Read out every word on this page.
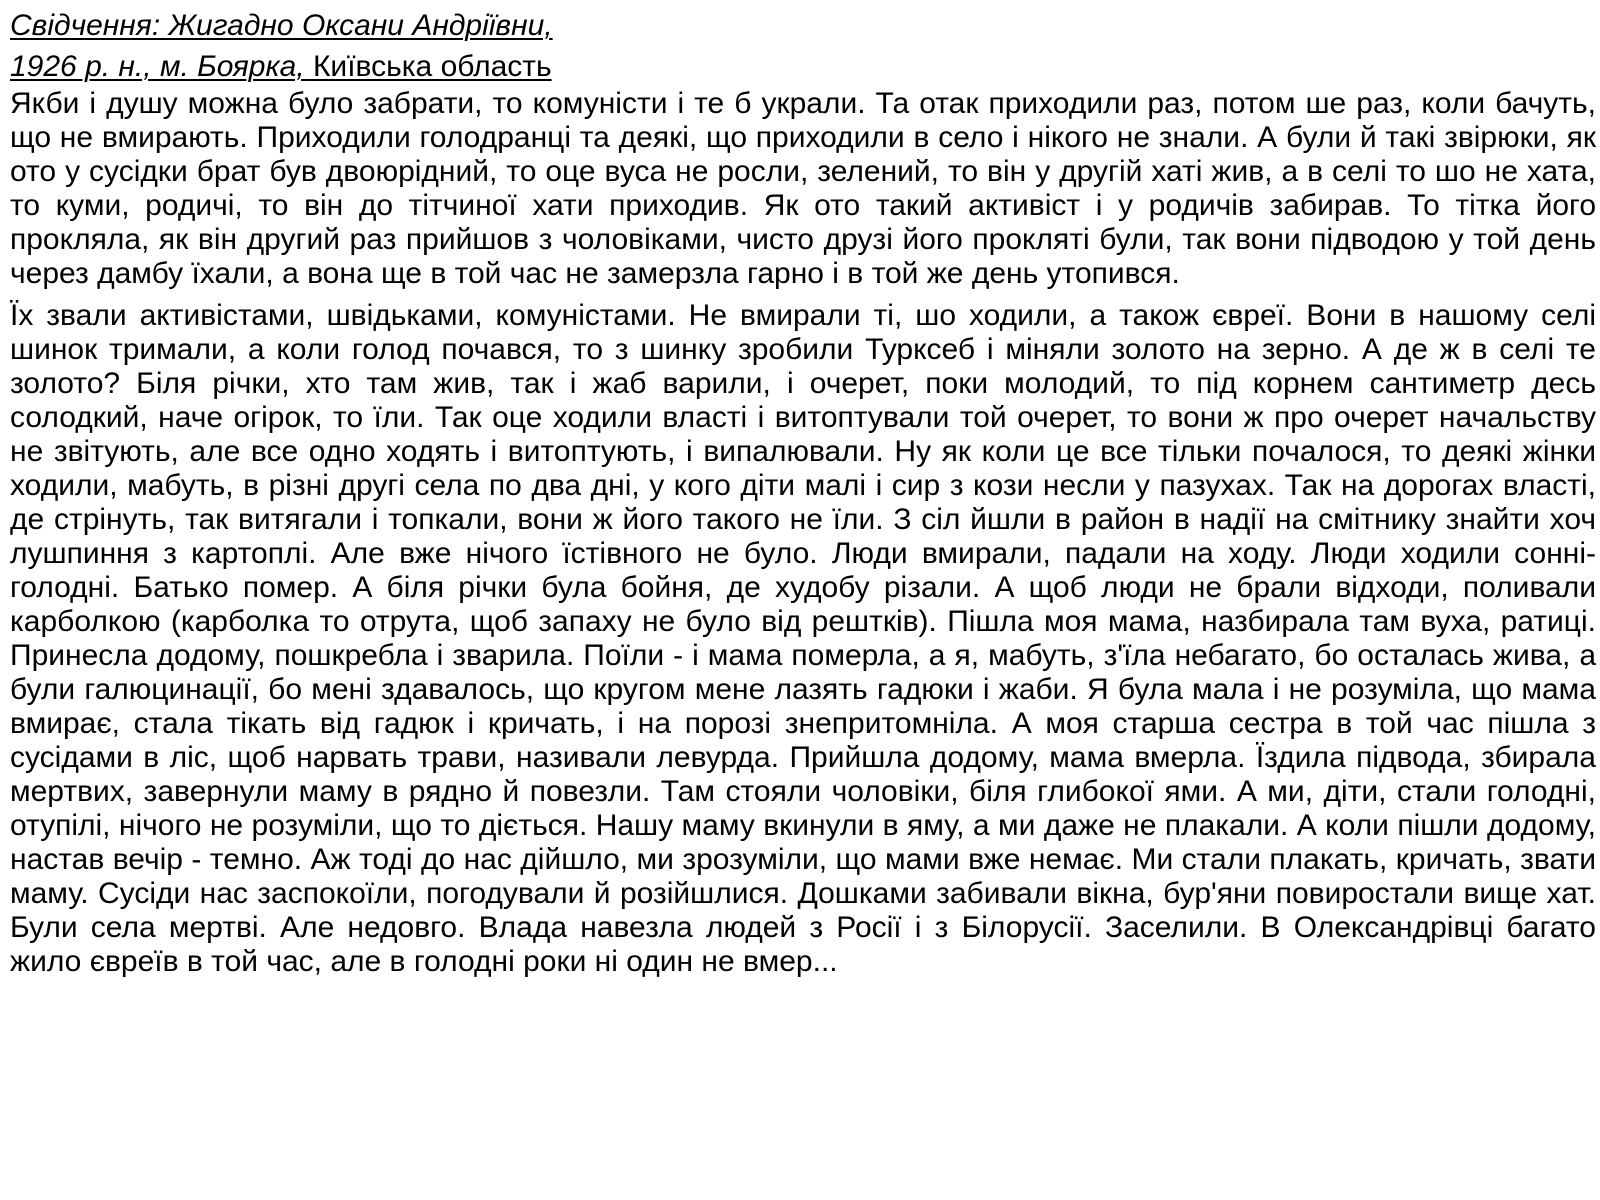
Свідчення: Жигадно Оксани Андріївни,
1926 р. н., м. Боярка, Київська область

Якби і душу можна було забрати, то комуністи і те б украли. Та отак приходили раз, потом ше раз, коли бачуть, що не вмирають. Приходили голодранці та деякі, що приходили в село і нікого не знали. А були й такі звірюки, як ото у сусідки брат був двоюрідний, то оце вуса не росли, зелений, то він у другій хаті жив, а в селі то шо не хата, то куми, родичі, то він до тітчиної хати приходив. Як ото такий активіст і у родичів забирав. То тітка його прокляла, як він другий раз прийшов з чоловіками, чисто друзі його прокляті були, так вони підводою у той день через дамбу їхали, а вона ще в той час не замерзла гарно і в той же день утопився.

Їх звали активістами, швідьками, комуністами. Не вмирали ті, шо ходили, а також євреї. Вони в нашому селі шинок тримали, а коли голод почався, то з шинку зробили Турксеб і міняли золото на зерно. А де ж в селі те золото? Біля річки, хто там жив, так і жаб варили, і очерет, поки молодий, то під корнем сантиметр десь солодкий, наче огірок, то їли. Так оце ходили власті і витоптували той очерет, то вони ж про очерет начальству не звітують, але все одно ходять і витоптують, і випалювали. Ну як коли це все тільки почалося, то деякі жінки ходили, мабуть, в різні другі села по два дні, у кого діти малі і сир з кози несли у пазухах. Так на дорогах власті, де стрінуть, так витягали і топкали, вони ж його такого не їли. З сіл йшли в район в надії на смітнику знайти хоч лушпиння з картоплі. Але вже нічого їстівного не було. Люди вмирали, падали на ходу. Люди ходили сонні-голодні. Батько помер. А біля річки була бойня, де худобу різали. А щоб люди не брали відходи, поливали карболкою (карболка то отрута, щоб запаху не було від рештків). Пішла моя мама, назбирала там вуха, ратиці. Принесла додому, пошкребла і зварила. Поїли - і мама померла, а я, мабуть, з'їла небагато, бо осталась жива, а були галюцинації, бо мені здавалось, що кругом мене лазять гадюки і жаби. Я була мала і не розуміла, що мама вмирає, стала тікать від гадюк і кричать, і на порозі знепритомніла. А моя старша сестра в той час пішла з сусідами в ліс, щоб нарвать трави, називали левурда. Прийшла додому, мама вмерла. Їздила підвода, збирала мертвих, завернули маму в рядно й повезли. Там стояли чоловіки, біля глибокої ями. А ми, діти, стали голодні, отупілі, нічого не розуміли, що то діється. Нашу маму вкинули в яму, а ми даже не плакали. А коли пішли додому, настав вечір - темно. Аж тоді до нас дійшло, ми зрозуміли, що мами вже немає. Ми стали плакать, кричать, звати маму. Сусіди нас заспокоїли, погодували й розійшлися. Дошками забивали вікна, бур'яни повиростали вище хат. Були села мертві. Але недовго. Влада навезла людей з Росії і з Білорусії. Заселили. В Олександрівці багато жило євреїв в той час, але в голодні роки ні один не вмер...
